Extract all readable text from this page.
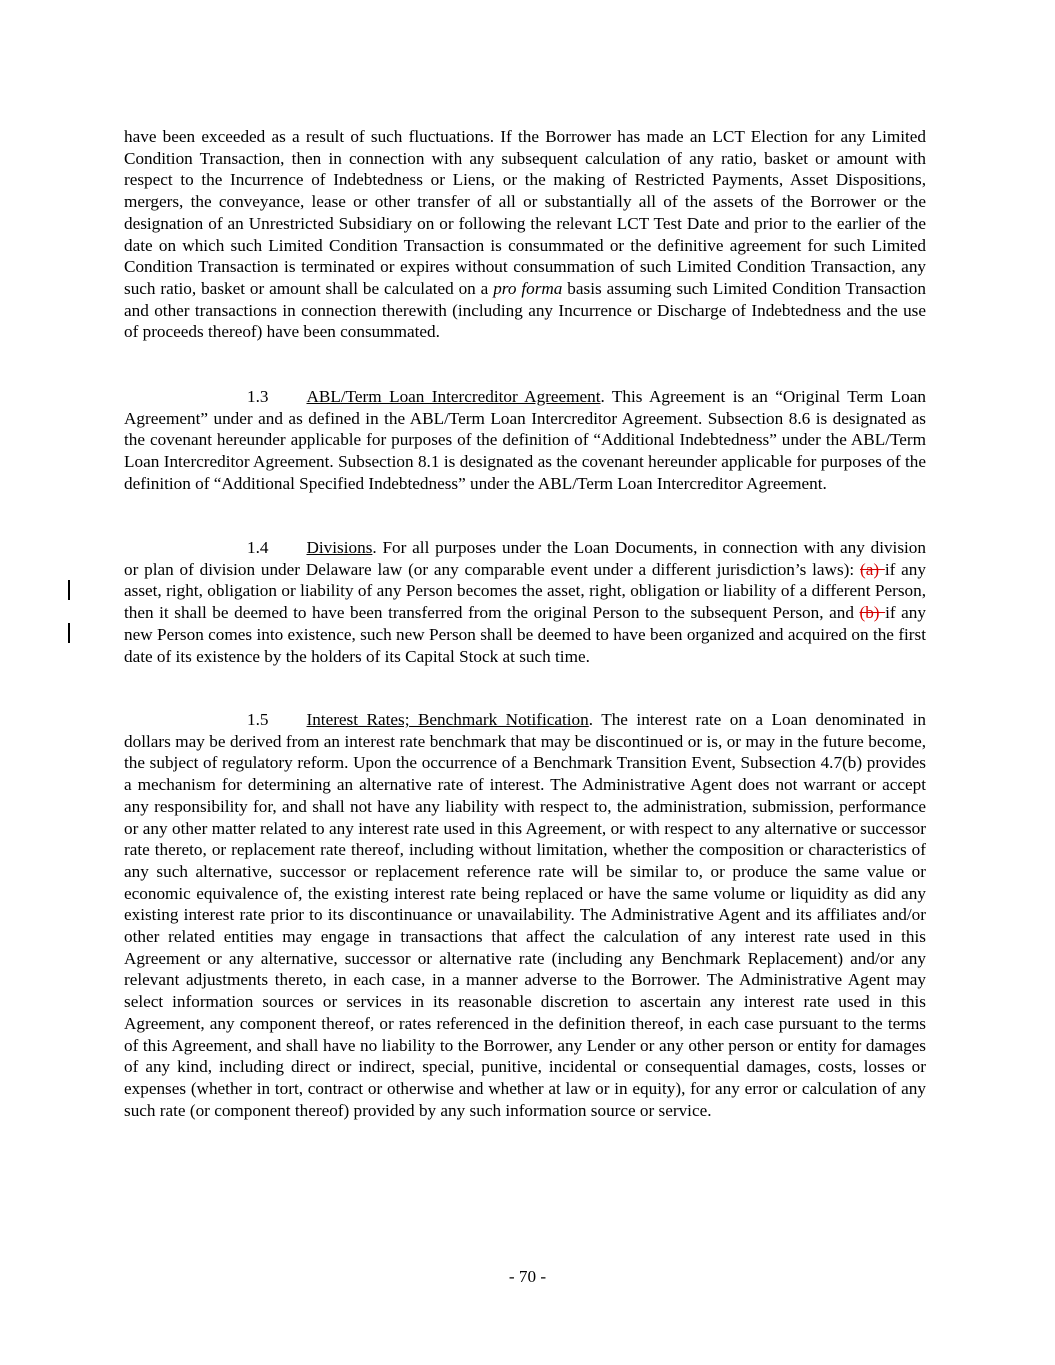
have been exceeded as a result of such fluctuations. If the Borrower has made an LCT Election for any Limited Condition Transaction, then in connection with any subsequent calculation of any ratio, basket or amount with respect to the Incurrence of Indebtedness or Liens, or the making of Restricted Payments, Asset Dispositions, mergers, the conveyance, lease or other transfer of all or substantially all of the assets of the Borrower or the designation of an Unrestricted Subsidiary on or following the relevant LCT Test Date and prior to the earlier of the date on which such Limited Condition Transaction is consummated or the definitive agreement for such Limited Condition Transaction is terminated or expires without consummation of such Limited Condition Transaction, any such ratio, basket or amount shall be calculated on a pro forma basis assuming such Limited Condition Transaction and other transactions in connection therewith (including any Incurrence or Discharge of Indebtedness and the use of proceeds thereof) have been consummated.

1.3 ABL/Term Loan Intercreditor Agreement. This Agreement is an “Original Term Loan Agreement” under and as defined in the ABL/Term Loan Intercreditor Agreement. Subsection 8.6 is designated as the covenant hereunder applicable for purposes of the definition of “Additional Indebtedness” under the ABL/Term Loan Intercreditor Agreement. Subsection 8.1 is designated as the covenant hereunder applicable for purposes of the definition of “Additional Specified Indebtedness” under the ABL/Term Loan Intercreditor Agreement.

1.4 Divisions. For all purposes under the Loan Documents, in connection with any division or plan of division under Delaware law (or any comparable event under a different jurisdiction’s laws): (a) if any asset, right, obligation or liability of any Person becomes the asset, right, obligation or liability of a different Person, then it shall be deemed to have been transferred from the original Person to the subsequent Person, and (b) if any new Person comes into existence, such new Person shall be deemed to have been organized and acquired on the first date of its existence by the holders of its Capital Stock at such time.

1.5 Interest Rates; Benchmark Notification. The interest rate on a Loan denominated in dollars may be derived from an interest rate benchmark that may be discontinued or is, or may in the future become, the subject of regulatory reform. Upon the occurrence of a Benchmark Transition Event, Subsection 4.7(b) provides a mechanism for determining an alternative rate of interest. The Administrative Agent does not warrant or accept any responsibility for, and shall not have any liability with respect to, the administration, submission, performance or any other matter related to any interest rate used in this Agreement, or with respect to any alternative or successor rate thereto, or replacement rate thereof, including without limitation, whether the composition or characteristics of any such alternative, successor or replacement reference rate will be similar to, or produce the same value or economic equivalence of, the existing interest rate being replaced or have the same volume or liquidity as did any existing interest rate prior to its discontinuance or unavailability. The Administrative Agent and its affiliates and/or other related entities may engage in transactions that affect the calculation of any interest rate used in this Agreement or any alternative, successor or alternative rate (including any Benchmark Replacement) and/or any relevant adjustments thereto, in each case, in a manner adverse to the Borrower. The Administrative Agent may select information sources or services in its reasonable discretion to ascertain any interest rate used in this Agreement, any component thereof, or rates referenced in the definition thereof, in each case pursuant to the terms of this Agreement, and shall have no liability to the Borrower, any Lender or any other person or entity for damages of any kind, including direct or indirect, special, punitive, incidental or consequential damages, costs, losses or expenses (whether in tort, contract or otherwise and whether at law or in equity), for any error or calculation of any such rate (or component thereof) provided by any such information source or service.

- 70 -
